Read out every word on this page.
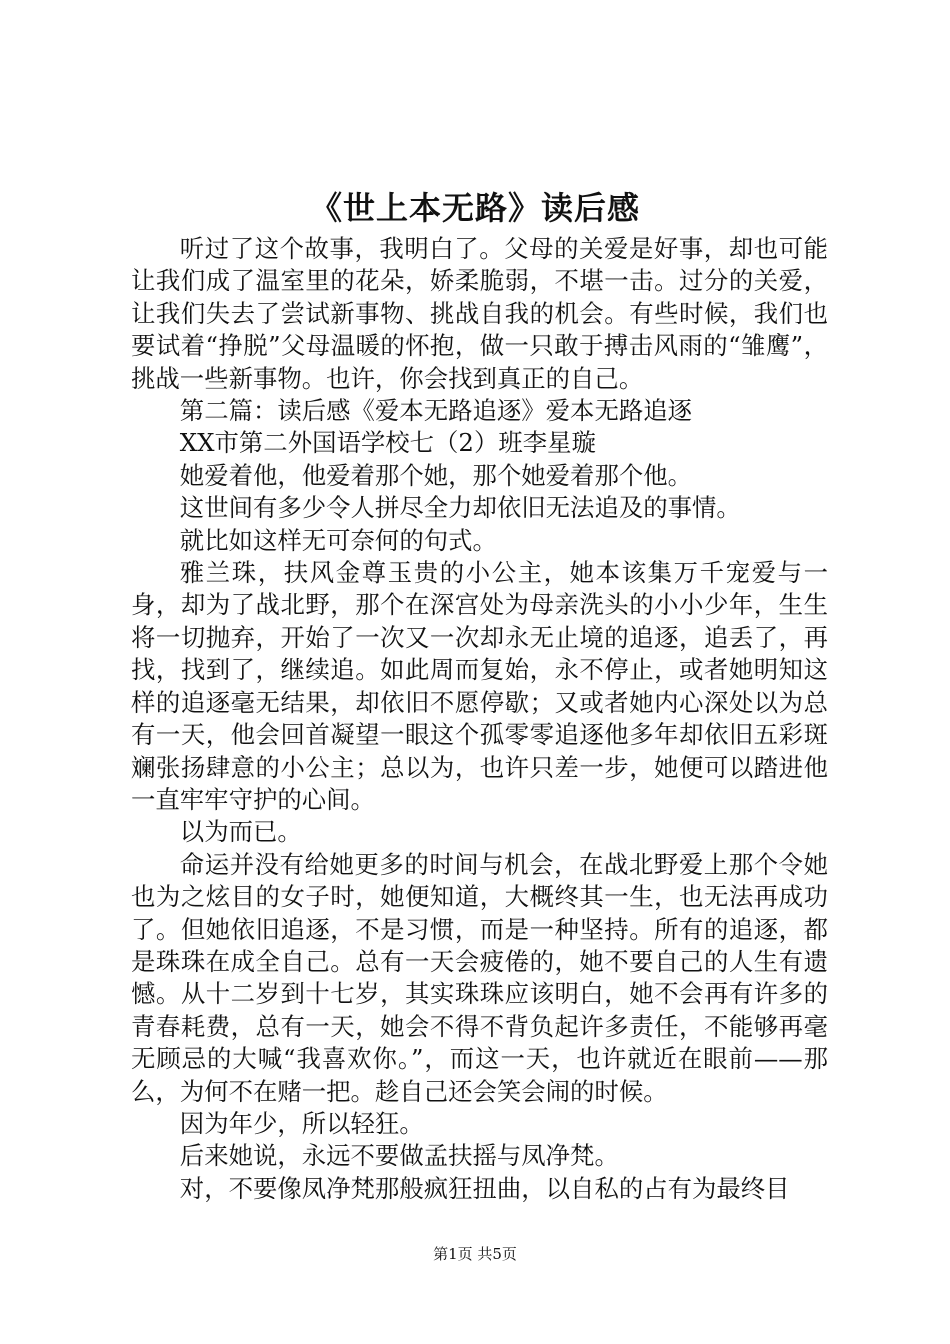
《世上本无路》读后感

听过了这个故事，我明白了。父母的关爱是好事，却也可能让我们成了温室里的花朵，娇柔脆弱，不堪一击。过分的关爱，让我们失去了尝试新事物、挑战自我的机会。有些时候，我们也要试着“挣脱”父母温暖的怀抱，做一只敢于搏击风雨的“雏鹰”，挑战一些新事物。也许，你会找到真正的自己。

第二篇：读后感《爱本无路追逐》爱本无路追逐

XX市第二外国语学校七（2）班李星璇

她爱着他，他爱着那个她，那个她爱着那个他。

这世间有多少令人拼尽全力却依旧无法追及的事情。

就比如这样无可奈何的句式。

雅兰珠，扶风金尊玉贵的小公主，她本该集万千宠爱与一身，却为了战北野，那个在深宫处为母亲洗头的小小少年，生生将一切抛弃，开始了一次又一次却永无止境的追逐，追丢了，再找，找到了，继续追。如此周而复始，永不停止，或者她明知这样的追逐毫无结果，却依旧不愿停歇；又或者她内心深处以为总有一天，他会回首凝望一眼这个孤零零追逐他多年却依旧五彩斑斓张扬肆意的小公主；总以为，也许只差一步，她便可以踏进他一直牢牢守护的心间。

以为而已。

命运并没有给她更多的时间与机会，在战北野爱上那个令她也为之炫目的女子时，她便知道，大概终其一生，也无法再成功了。但她依旧追逐，不是习惯，而是一种坚持。所有的追逐，都是珠珠在成全自己。总有一天会疲倦的，她不要自己的人生有遗憾。从十二岁到十七岁，其实珠珠应该明白，她不会再有许多的青春耗费，总有一天，她会不得不背负起许多责任，不能够再毫无顾忌的大喊“我喜欢你。”，而这一天，也许就近在眼前——那么，为何不在赌一把。趁自己还会笑会闹的时候。

因为年少，所以轻狂。

后来她说，永远不要做孟扶摇与凤净梵。

对，不要像凤净梵那般疯狂扭曲，以自私的占有为最终目

第1页 共5页
